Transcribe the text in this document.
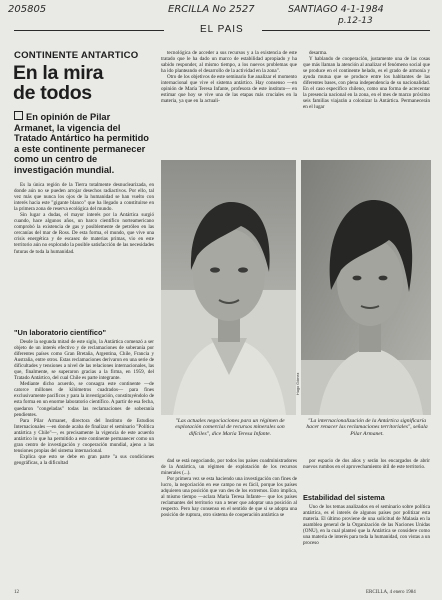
205805	ERCILLA No 2527	SANTIAGO 4-1-1984
p.12-13
EL PAIS
CONTINENTE ANTARTICO
En la mira
de todos
En opinión de Pilar Armanet, la vigencia del Tratado Antártico ha permitido a este continente permanecer como un centro de investigación mundial.

Es la única región de la Tierra totalmente desnuclearizada, en donde aún no se pueden arrojar desechos radiactivos. Por ello, tal vez más que nunca los ojos de la humanidad se han vuelto con interés hacia este "gigante blanco" que ha llegado a constituirse en la primera zona de reserva ecológica del mundo.

Sin lugar a dudas, el mayor interés por la Antártica surgió cuando, hace algunos años, un barco científico norteamericano comprobó la existencia de gas y posiblemente de petróleo en las cercanías del mar de Ross. De esta forma, el mundo, que vive una crisis energética y de escasez de materias primas, vio en este territorio aún no explorado la posible satisfacción de las necesidades futuras de toda la humanidad.

"Un laboratorio científico"

Desde la segunda mitad de este siglo, la Antártica comenzó a ser objeto de un interés efectivo y de reclamaciones de soberanía por diferentes países como Gran Bretaña, Argentina, Chile, Francia y Australia, entre otros. Estas reclamaciones derivaron en una serie de dificultades y tensiones a nivel de las relaciones internacionales, las que, finalmente, se superaron gracias a la firma, en 1959, del Tratado Antártico, del cual Chile es parte integrante.

Mediante dicho acuerdo, se consagra este continente —de catorce millones de kilómetros cuadrados— para fines exclusivamente pacíficos y para la investigación, constituyéndolo de esta forma en un enorme laboratorio científico. A partir de esa fecha, quedaron "congeladas" todas las reclamaciones de soberanía pendientes.

Para Pilar Armanet, directora del Instituto de Estudios Internacionales —en donde acaba de finalizar el seminario "Política antártica y Chile"—, es precisamente la vigencia de este acuerdo antártico lo que ha permitido a este continente permanecer como un gran centro de investigación y cooperación mundial, ajeno a las tensiones propias del sistema internacional.

Explica que esto se debe en gran parte "a sus condiciones geográficas, a la dificultad

tecnológica de acceder a sus recursos y a la existencia de este tratado que le ha dado un marco de estabilidad apropiado y ha sabido responder, al mismo tiempo, a los nuevos problemas que ha ido planteando el desarrollo de la actividad en la zona".

Otro de los objetivos de este seminario fue analizar el momento internacional que vive el sistema antártico. Hay consenso —en opinión de María Teresa Infante, profesora de este instituto— en estimar que hoy se vive una de las etapas más cruciales en la materia, ya que en la actuali-

desarma.

Y hablando de cooperación, justamente una de las cosas que más llaman la atención al analizar el fenómeno social que se produce en el continente helado, es el grado de armonía y ayuda mutua que se produce entre los habitantes de las diferentes bases, con plena independencia de su nacionalidad. En el caso específico chileno, como una forma de acrecentar la presencia nacional en la zona, en el mes de marzo próximo seis familias viajarán a colonizar la Antártica. Permanecerán en el lugar

Hugo Gómez
"Las actuales negociaciones para un régimen de explotación comercial de recursos minerales son difíciles", dice María Teresa Infante.
"La internacionalización de la Antártica significaría hacer renacer las reclamaciones territoriales", señala Pilar Armanet.

dad se está negociando, por todos los países coadministradores de la Antártica, un régimen de explotación de los recursos minerales (...).

Por primera vez se esta haciendo una investigación con fines de lucro, la negociación en ese campo no es fácil, porque los países adquieren una posición que van des de los extremos. Esto implica, al mismo tiempo —aclara María Teresa Infante— que los países reclamantes del territorio van a tener que adoptar una posición al respecto. Pero hay consenso en el sentido de que si se adopta una posición de ruptura, otro sistema de cooperación antártica se

por espacio de dos años y serán los encargados de abrir nuevos rumbos en el aprovechamiento útil de este territorio.

Estabilidad del sistema

Uno de los temas analizados en el seminario sobre política antártica, es el interés de algunos países por politizar esta materia. El último proviene de una solicitud de Malasia en la asamblea general de la Organización de las Naciones Unidas (ONU), en la cual planteó que la Antártica se considere como una materia de interés para toda la humanidad, con vistas a un proceso

12	ERCILLA, 4 enero 1984
